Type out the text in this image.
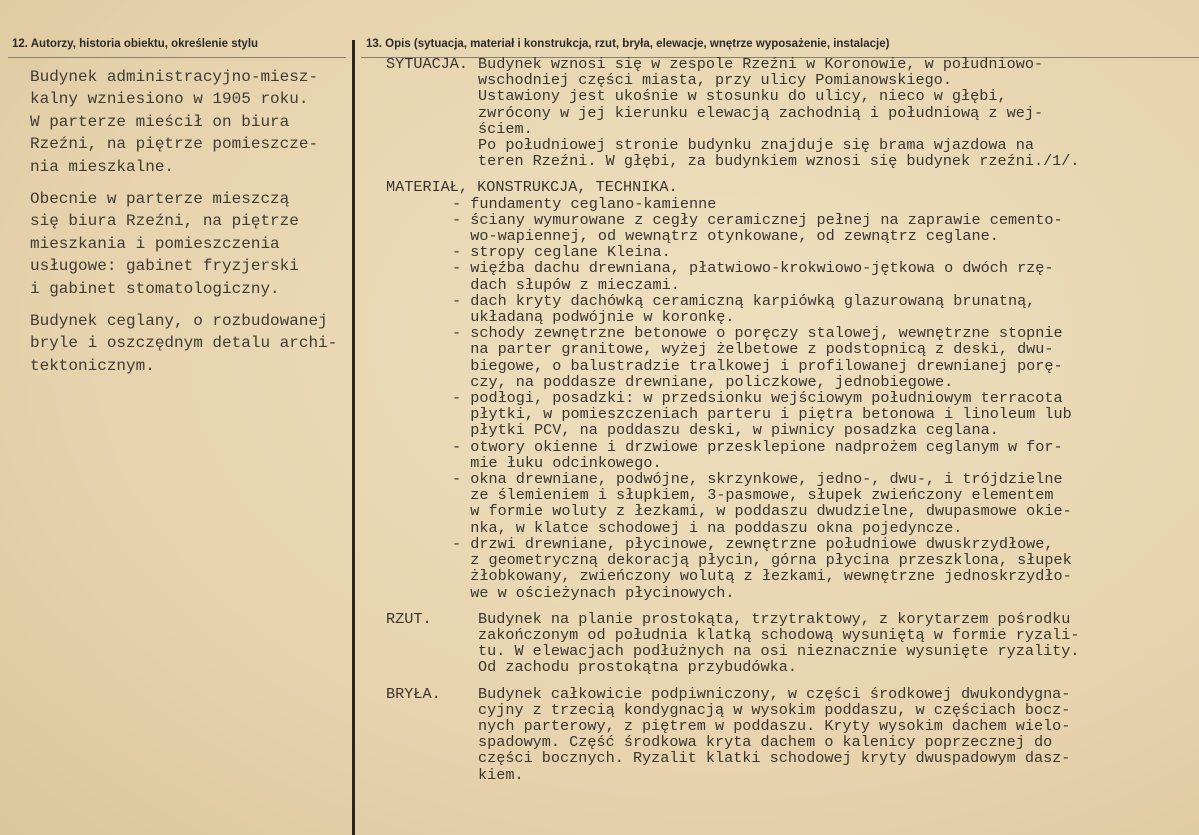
12. Autorzy, historia obiektu, określenie stylu	13. Opis (sytuacja, materiał i konstrukcja, rzut, bryła, elewacje, wnętrze wyposażenie, instalacje)

Budynek administracyjno-miesz-
kalny wzniesiono w 1905 roku.
W parterze mieścił on biura
Rzeźni, na piętrze pomieszcze-
nia mieszkalne.

Obecnie w parterze mieszczą
się biura Rzeźni, na piętrze
mieszkania i pomieszczenia
usługowe: gabinet fryzjerski
i gabinet stomatologiczny.

Budynek ceglany, o rozbudowanej
bryle i oszczędnym detalu archi-
tektonicznym.

SYTUACJA. Budynek wznosi się w zespole Rzeźni w Koronowie, w południowo-
wschodniej części miasta, przy ulicy Pomianowskiego.
Ustawiony jest ukośnie w stosunku do ulicy, nieco w głębi,
zwrócony w jej kierunku elewacją zachodnią i południową z wej-
ściem.
Po południowej stronie budynku znajduje się brama wjazdowa na
teren Rzeźni. W głębi, za budynkiem wznosi się budynek rzeźni./1/.
MATERIAŁ, KONSTRUKCJA, TECHNIKA.
- fundamenty ceglano-kamienne
- ściany wymurowane z cegły ceramicznej pełnej na zaprawie cemento-
wo-wapiennej, od wewnątrz otynkowane, od zewnątrz ceglane.
- stropy ceglane Kleina.
- więźba dachu drewniana, płatwiowo-krokwiowo-jętkowa o dwóch rzę-
dach słupów z mieczami.
- dach kryty dachówką ceramiczną karpiówką glazurowaną brunatną,
układaną podwójnie w koronkę.
- schody zewnętrzne betonowe o poręczy stalowej, wewnętrzne stopnie
na parter granitowe, wyżej żelbetowe z podstopnicą z deski, dwu-
biegowe, o balustradzie tralkowej i profilowanej drewnianej porę-
czy, na poddasze drewniane, policzkowe, jednobiegowe.
- podłogi, posadzki: w przedsionku wejściowym południowym terracota
płytki, w pomieszczeniach parteru i piętra betonowa i linoleum lub
płytki PCV, na poddaszu deski, w piwnicy posadzka ceglana.
- otwory okienne i drzwiowe przesklepione nadprożem ceglanym w for-
mie łuku odcinkowego.
- okna drewniane, podwójne, skrzynkowe, jedno-, dwu-, i trójdzielne
ze ślemieniem i słupkiem, 3-pasmowe, słupek zwieńczony elementem
w formie woluty z łezkami, w poddaszu dwudzielne, dwupasmowe okie-
nka, w klatce schodowej i na poddaszu okna pojedyncze.
- drzwi drewniane, płycinowe, zewnętrzne południowe dwuskrzydłowe,
z geometryczną dekoracją płycin, górna płycina przeszklona, słupek
żłobkowany, zwieńczony wolutą z łezkami, wewnętrzne jednoskrzydło-
we w ościeżynach płycinowych.
RZUT.	Budynek na planie prostokąta, trzytraktowy, z korytarzem pośrodku
zakończonym od południa klatką schodową wysuniętą w formie ryzali-
tu. W elewacjach podłużnych na osi nieznacznie wysunięte ryzality.
Od zachodu prostokątna przybudówka.
BRYŁA.	Budynek całkowicie podpiwniczony, w części środkowej dwukondygna-
cyjny z trzecią kondygnacją w wysokim poddaszu, w częściach bocz-
nych parterowy, z piętrem w poddaszu. Kryty wysokim dachem wielo-
spadowym. Część środkowa kryta dachem o kalenicy poprzecznej do
części bocznych. Ryzalit klatki schodowej kryty dwuspadowym dasz-
kiem.
